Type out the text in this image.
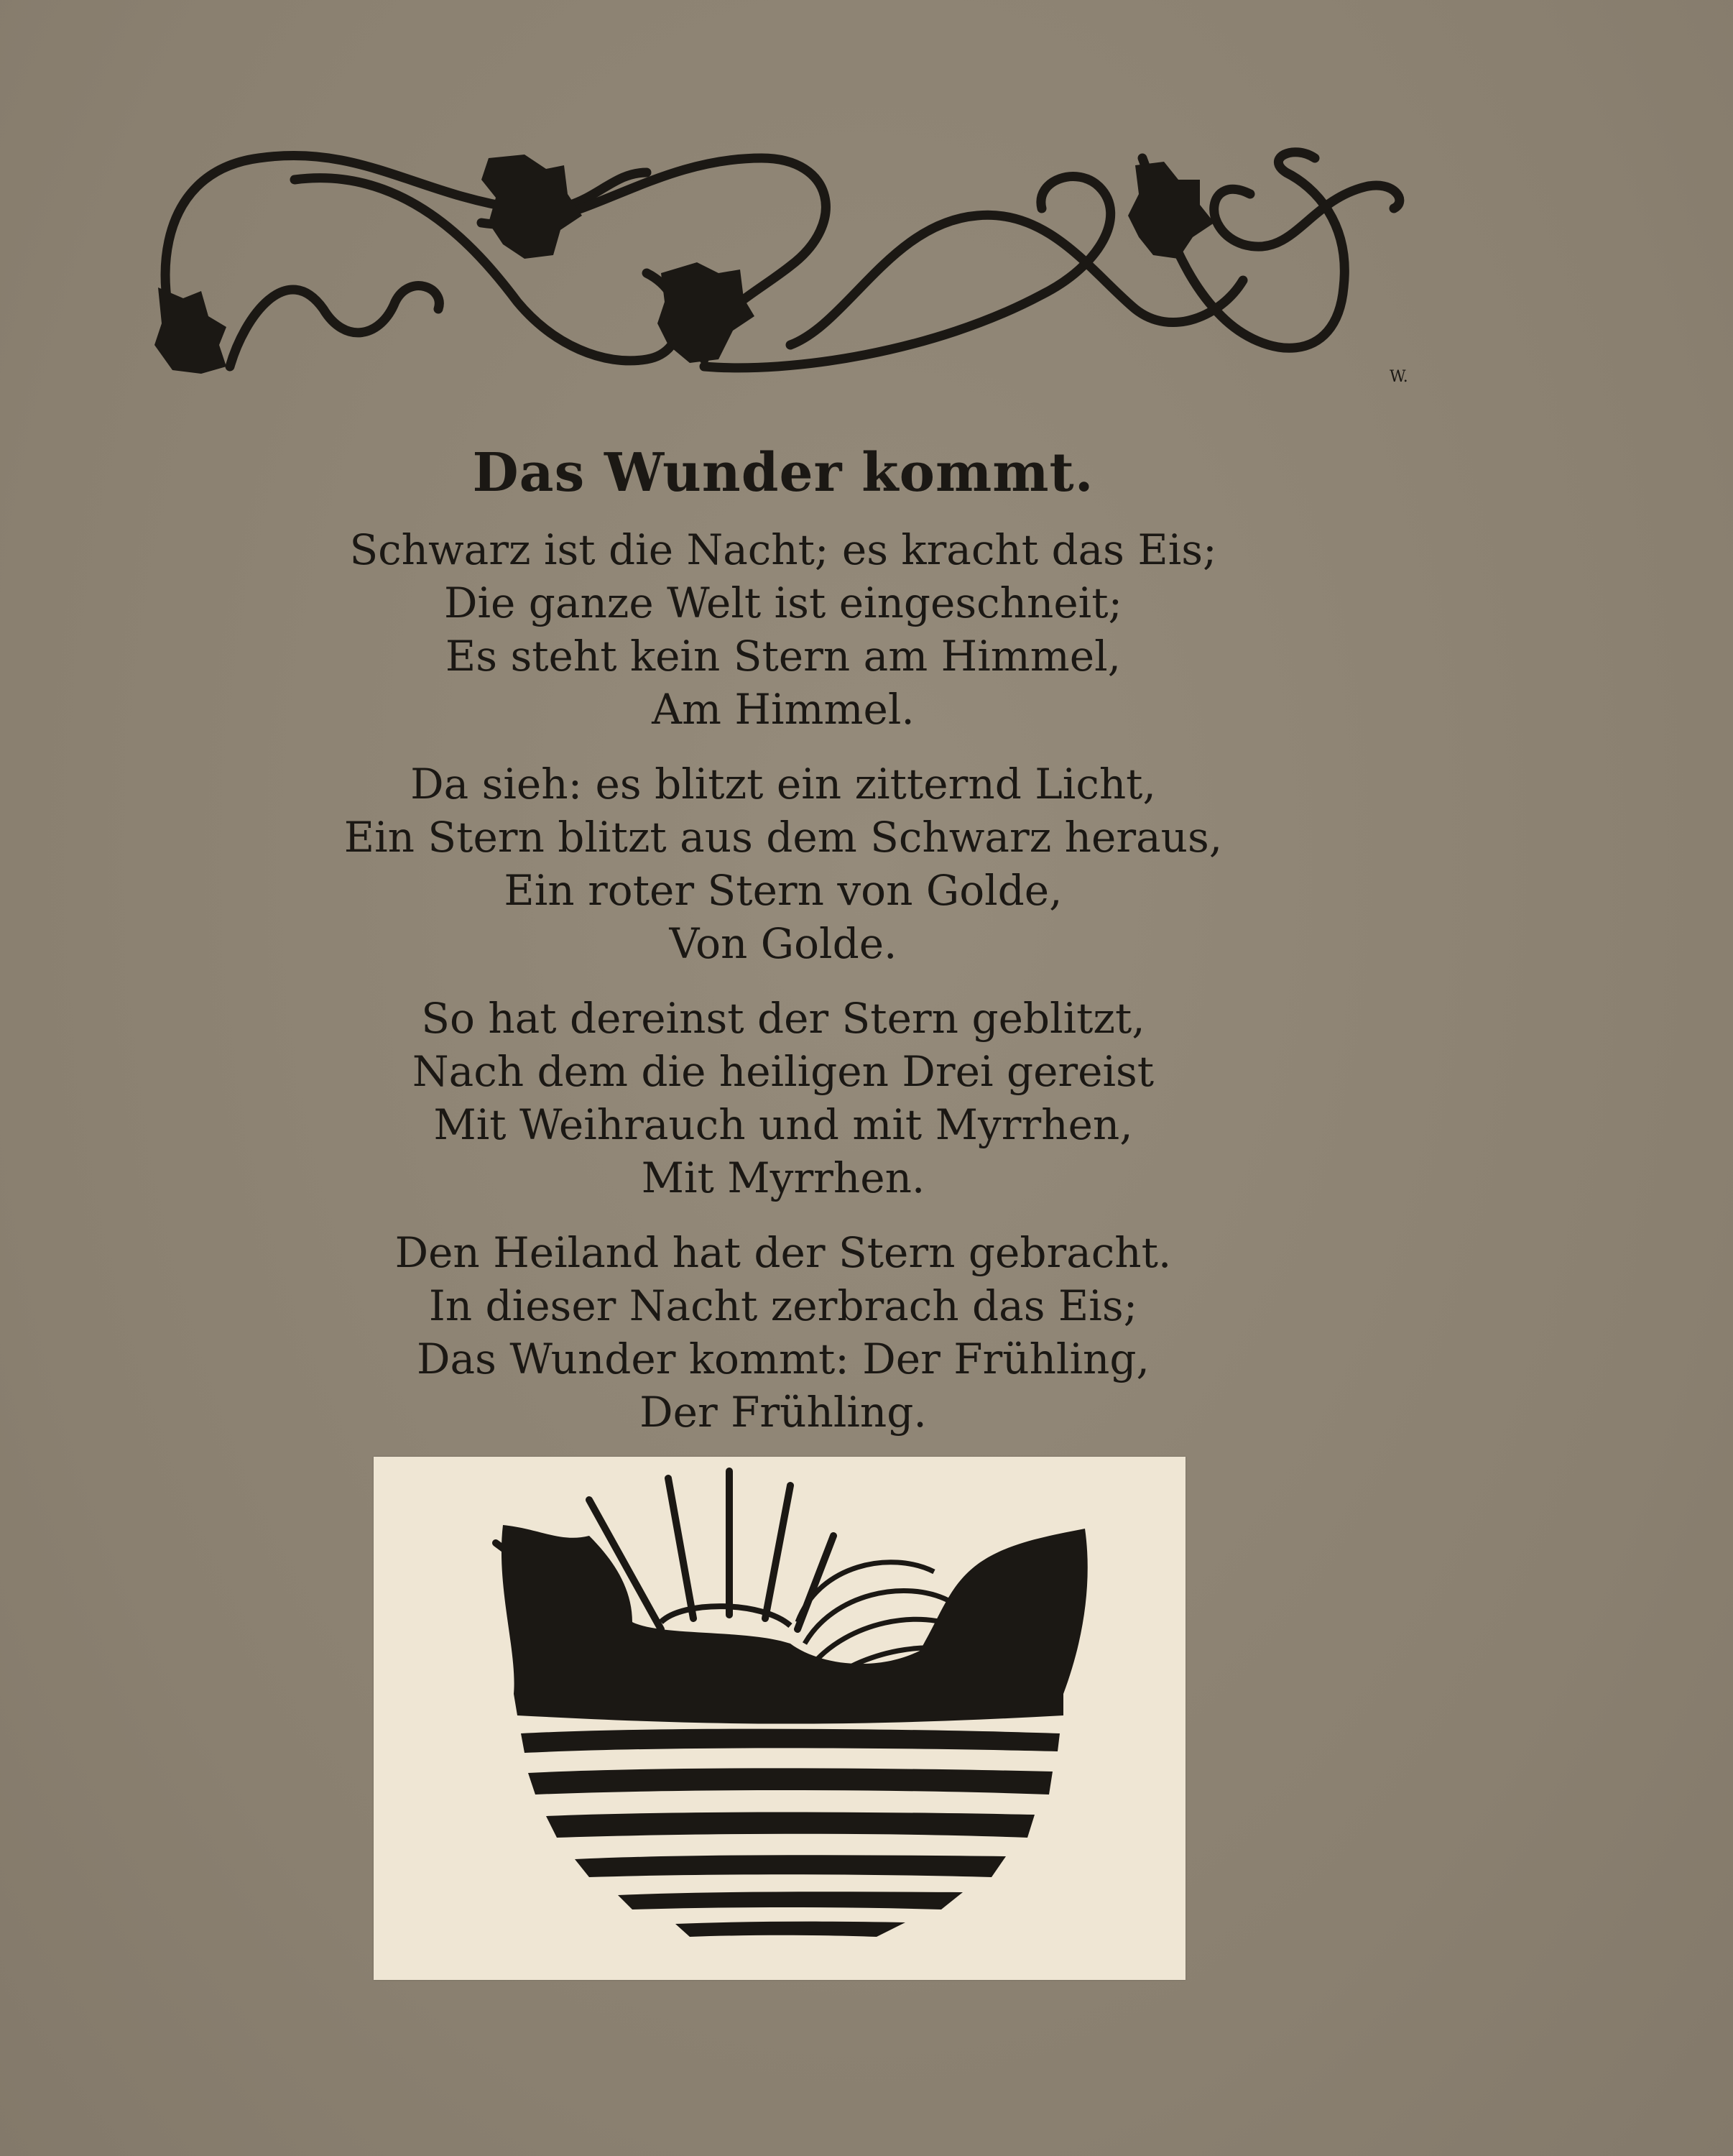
W.
Das Wunder kommt.

Schwarz ist die Nacht; es kracht das Eis;
Die ganze Welt ist eingeschneit;
Es steht kein Stern am Himmel,
Am Himmel.

Da sieh: es blitzt ein zitternd Licht,
Ein Stern blitzt aus dem Schwarz heraus,
Ein roter Stern von Golde,
Von Golde.

So hat dereinst der Stern geblitzt,
Nach dem die heiligen Drei gereist
Mit Weihrauch und mit Myrrhen,
Mit Myrrhen.

Den Heiland hat der Stern gebracht.
In dieser Nacht zerbrach das Eis;
Das Wunder kommt: Der Frühling,
Der Frühling.
